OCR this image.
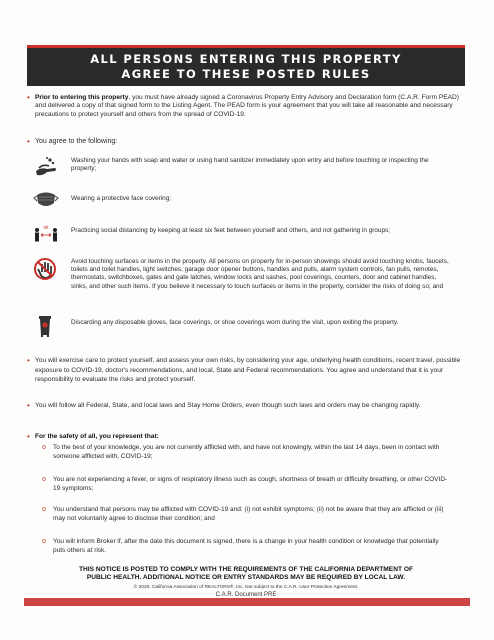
ALL PERSONS ENTERING THIS PROPERTY
AGREE TO THESE POSTED RULES
• Prior to entering this property, you must have already signed a Coronavirus Property Entry Advisory and Declaration form (C.A.R. Form PEAD) and delivered a copy of that signed form to the Listing Agent. The PEAD form is your agreement that you will take all reasonable and necessary precautions to protect yourself and others from the spread of COVID-19.
• You agree to the following:
Washing your hands with soap and water or using hand sanitizer immediately upon entry and before touching or inspecting the property;
Wearing a protective face covering;
6ft	Practicing social distancing by keeping at least six feet between yourself and others, and not gathering in groups;
Avoid touching surfaces or items in the property. All persons on property for in-person showings should avoid touching knobs, faucets, toilets and toilet handles, light switches, garage door opener buttons, handles and pulls, alarm system controls, fan pulls, remotes, thermostats, switchboxes, gates and gate latches, window locks and sashes, pool coverings, counters, door and cabinet handles, sinks, and other such items. If you believe it necessary to touch surfaces or items in the property, consider the risks of doing so; and
Discarding any disposable gloves, face coverings, or shoe coverings worn during the visit, upon exiting the property.
• You will exercise care to protect yourself, and assess your own risks, by considering your age, underlying health conditions, recent travel, possible exposure to COVID-19, doctor's recommendations, and local, State and Federal recommendations. You agree and understand that it is your responsibility to evaluate the risks and protect yourself.
• You will follow all Federal, State, and local laws and Stay Home Orders, even though such laws and orders may be changing rapidly.
• For the safety of all, you represent that:
o	To the best of your knowledge, you are not currently afflicted with, and have not knowingly, within the last 14 days, been in contact with someone afflicted with, COVID-19;
o	You are not experiencing a fever, or signs of respiratory illness such as cough, shortness of breath or difficulty breathing, or other COVID-19 symptoms;
o	You understand that persons may be afflicted with COVID-19 and: (i) not exhibit symptoms; (ii) not be aware that they are afflicted or (iii) may not voluntarily agree to disclose their condition; and
o	You will inform Broker if, after the date this document is signed, there is a change in your health condition or knowledge that potentially puts others at risk.
THIS NOTICE IS POSTED TO COMPLY WITH THE REQUIREMENTS OF THE CALIFORNIA DEPARTMENT OF
PUBLIC HEALTH. ADDITIONAL NOTICE OR ENTRY STANDARDS MAY BE REQUIRED BY LOCAL LAW.
© 2020, California Association of REALTORS®, Inc. Not subject to the C.A.R. User Protection Agreement.
C.A.R. Document PRE
